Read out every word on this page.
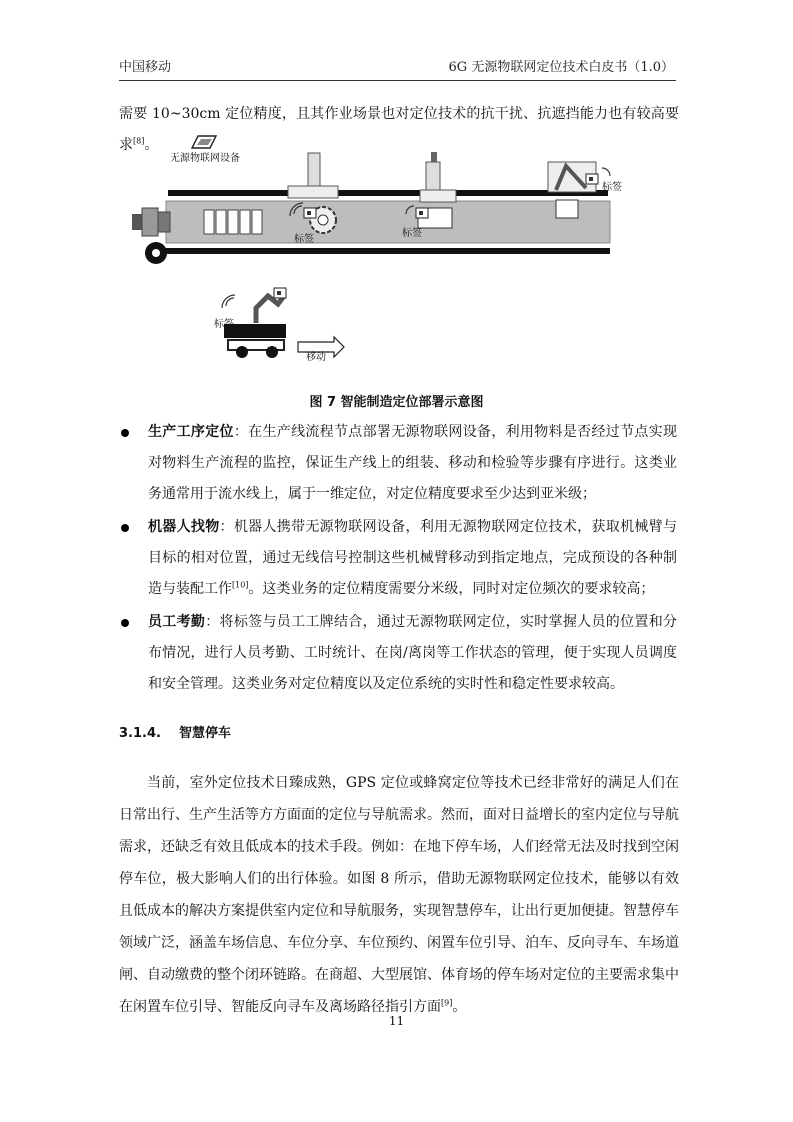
中国移动	6G 无源物联网定位技术白皮书（1.0）
需要 10~30cm 定位精度，且其作业场景也对定位技术的抗干扰、抗遮挡能力也有较高要求[8]。
无源物联网设备
标签
标签
标签
标签
移动
图 7 智能制造定位部署示意图
生产工序定位：在生产线流程节点部署无源物联网设备，利用物料是否经过节点实现对物料生产流程的监控，保证生产线上的组装、移动和检验等步骤有序进行。这类业务通常用于流水线上，属于一维定位，对定位精度要求至少达到亚米级；
机器人找物：机器人携带无源物联网设备，利用无源物联网定位技术，获取机械臂与目标的相对位置，通过无线信号控制这些机械臂移动到指定地点，完成预设的各种制造与装配工作[10]。这类业务的定位精度需要分米级，同时对定位频次的要求较高；
员工考勤：将标签与员工工牌结合，通过无源物联网定位，实时掌握人员的位置和分布情况，进行人员考勤、工时统计、在岗/离岗等工作状态的管理，便于实现人员调度和安全管理。这类业务对定位精度以及定位系统的实时性和稳定性要求较高。
3.1.4. 智慧停车
当前，室外定位技术日臻成熟，GPS 定位或蜂窝定位等技术已经非常好的满足人们在日常出行、生产生活等方方面面的定位与导航需求。然而，面对日益增长的室内定位与导航需求，还缺乏有效且低成本的技术手段。例如：在地下停车场，人们经常无法及时找到空闲停车位，极大影响人们的出行体验。如图 8 所示，借助无源物联网定位技术，能够以有效且低成本的解决方案提供室内定位和导航服务，实现智慧停车，让出行更加便捷。智慧停车领域广泛，涵盖车场信息、车位分享、车位预约、闲置车位引导、泊车、反向寻车、车场道闸、自动缴费的整个闭环链路。在商超、大型展馆、体育场的停车场对定位的主要需求集中在闲置车位引导、智能反向寻车及离场路径指引方面[9]。
11
